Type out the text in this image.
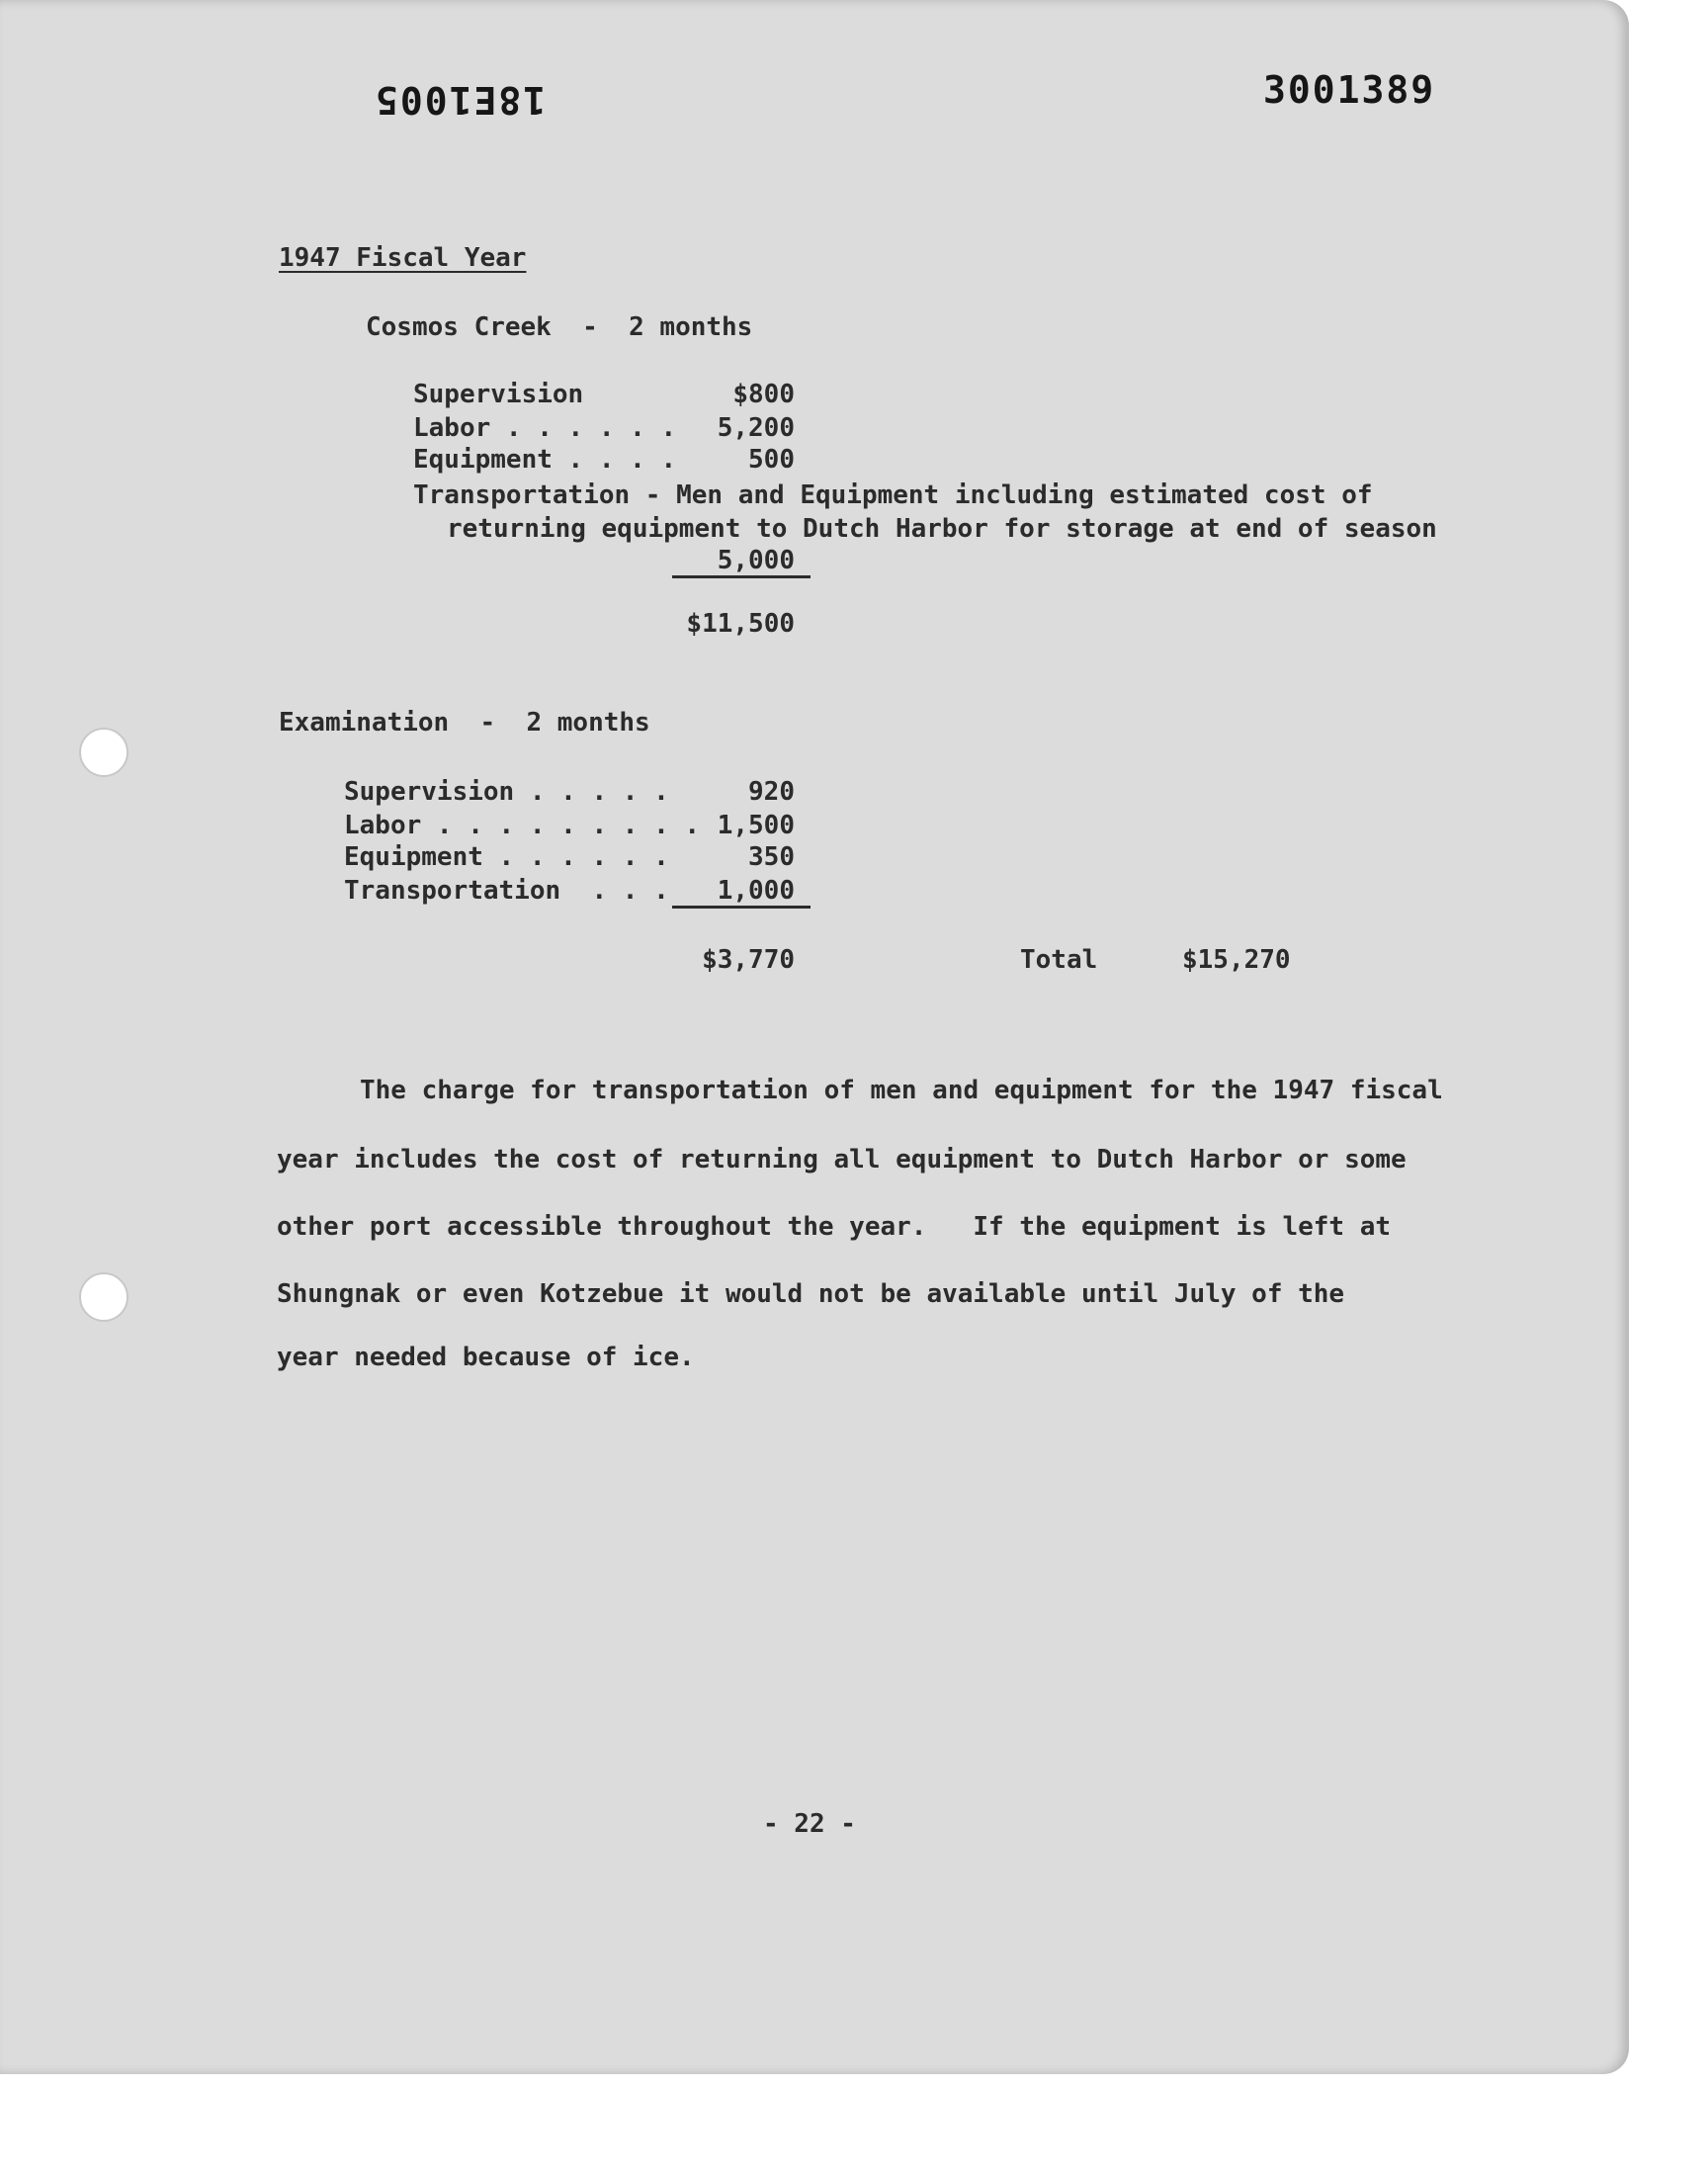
18E1005	3001389
1947 Fiscal Year
Cosmos Creek  -  2 months
Supervision	$800
Labor . . . . . .	5,200
Equipment . . . .	500
Transportation - Men and Equipment including estimated cost of
returning equipment to Dutch Harbor for storage at end of season
5,000
$11,500
Examination  -  2 months
Supervision . . . . .	920
Labor . . . . . . . . . 1,500
Equipment . . . . . .	350
Transportation  . . .	1,000
$3,770	Total	$15,270
The charge for transportation of men and equipment for the 1947 fiscal
year includes the cost of returning all equipment to Dutch Harbor or some
other port accessible throughout the year.   If the equipment is left at
Shungnak or even Kotzebue it would not be available until July of the
year needed because of ice.
- 22 -
